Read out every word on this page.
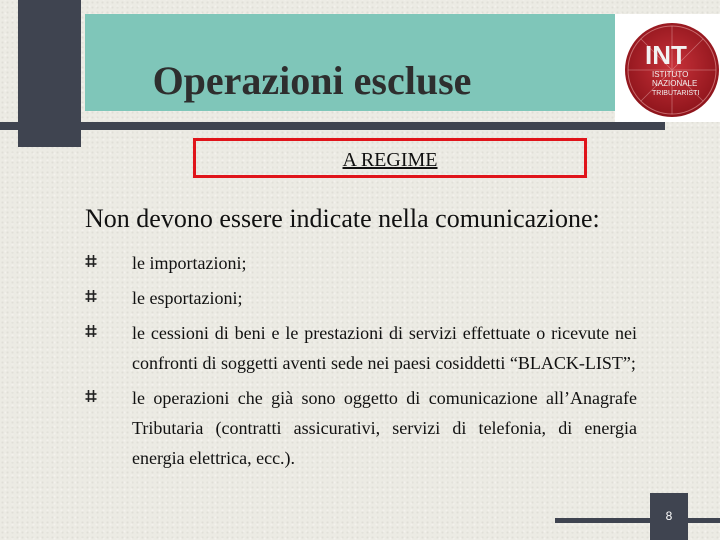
Operazioni escluse
INT
ISTITUTO
NAZIONALE
TRIBUTARISTI
A REGIME
Non devono essere indicate nella comunicazione:
le importazioni;
le esportazioni;
le cessioni di beni e le prestazioni di servizi effettuate o ricevute nei confronti di soggetti aventi sede nei paesi cosiddetti “BLACK-LIST”;
le operazioni che già sono oggetto di comunicazione all’Anagrafe Tributaria (contratti assicurativi, servizi di telefonia, di energia energia elettrica, ecc.).
8
